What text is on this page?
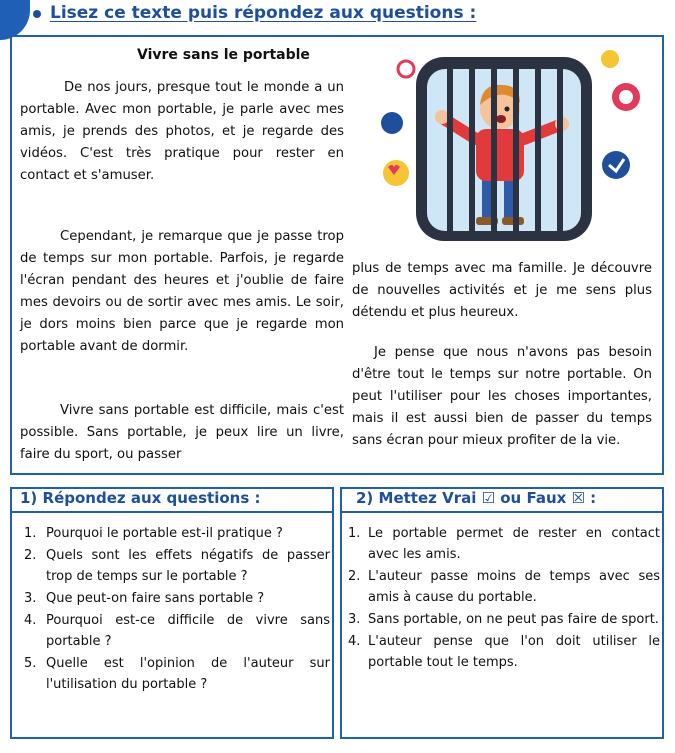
Lisez ce texte puis répondez aux questions :
Vivre sans le portable

De nos jours, presque tout le monde a un portable. Avec mon portable, je parle avec mes amis, je prends des photos, et je regarde des vidéos. C'est très pratique pour rester en contact et s'amuser.

Cependant, je remarque que je passe trop de temps sur mon portable. Parfois, je regarde l'écran pendant des heures et j'oublie de faire mes devoirs ou de sortir avec mes amis. Le soir, je dors moins bien parce que je regarde mon portable avant de dormir.

Vivre sans portable est difficile, mais c'est possible. Sans portable, je peux lire un livre, faire du sport, ou passer

plus de temps avec ma famille. Je découvre de nouvelles activités et je me sens plus détendu et plus heureux.

Je pense que nous n'avons pas besoin d'être tout le temps sur notre portable. On peut l'utiliser pour les choses importantes, mais il est aussi bien de passer du temps sans écran pour mieux profiter de la vie.

1) Répondez aux questions :
1. Pourquoi le portable est-il pratique ?
2. Quels sont les effets négatifs de passer trop de temps sur le portable ?
3. Que peut-on faire sans portable ?
4. Pourquoi est-ce difficile de vivre sans portable ?
5. Quelle est l'opinion de l'auteur sur l'utilisation du portable ?
2) Mettez Vrai ☑ ou Faux ☒ :
1. Le portable permet de rester en contact avec les amis.
2. L'auteur passe moins de temps avec ses amis à cause du portable.
3. Sans portable, on ne peut pas faire de sport.
4. L'auteur pense que l'on doit utiliser le portable tout le temps.
